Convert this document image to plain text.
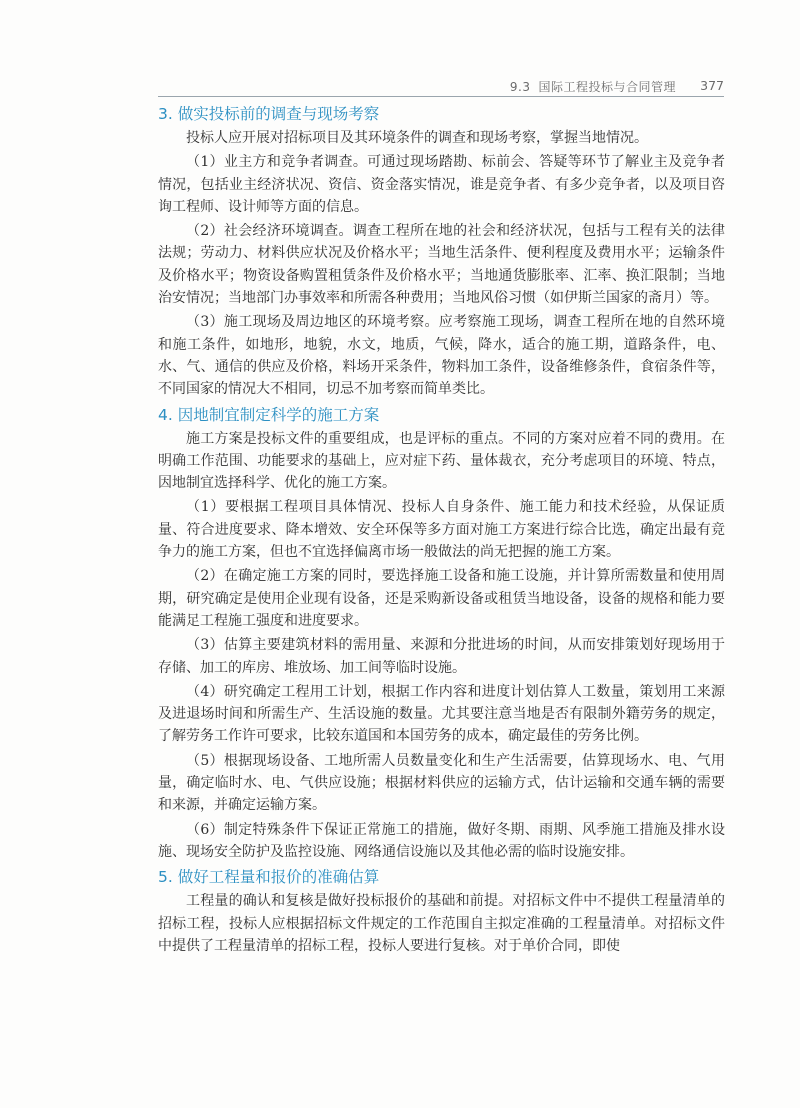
9.3 国际工程投标与合同管理 377
3. 做实投标前的调查与现场考察

投标人应开展对招标项目及其环境条件的调查和现场考察，掌握当地情况。

（1）业主方和竞争者调查。可通过现场踏勘、标前会、答疑等环节了解业主及竞争者情况，包括业主经济状况、资信、资金落实情况，谁是竞争者、有多少竞争者，以及项目咨询工程师、设计师等方面的信息。

（2）社会经济环境调查。调查工程所在地的社会和经济状况，包括与工程有关的法律法规；劳动力、材料供应状况及价格水平；当地生活条件、便利程度及费用水平；运输条件及价格水平；物资设备购置租赁条件及价格水平；当地通货膨胀率、汇率、换汇限制；当地治安情况；当地部门办事效率和所需各种费用；当地风俗习惯（如伊斯兰国家的斋月）等。

（3）施工现场及周边地区的环境考察。应考察施工现场，调查工程所在地的自然环境和施工条件，如地形，地貌，水文，地质，气候，降水，适合的施工期，道路条件，电、水、气、通信的供应及价格，料场开采条件，物料加工条件，设备维修条件，食宿条件等，不同国家的情况大不相同，切忌不加考察而简单类比。

4. 因地制宜制定科学的施工方案

施工方案是投标文件的重要组成，也是评标的重点。不同的方案对应着不同的费用。在明确工作范围、功能要求的基础上，应对症下药、量体裁衣，充分考虑项目的环境、特点，因地制宜选择科学、优化的施工方案。

（1）要根据工程项目具体情况、投标人自身条件、施工能力和技术经验，从保证质量、符合进度要求、降本增效、安全环保等多方面对施工方案进行综合比选，确定出最有竞争力的施工方案，但也不宜选择偏离市场一般做法的尚无把握的施工方案。

（2）在确定施工方案的同时，要选择施工设备和施工设施，并计算所需数量和使用周期，研究确定是使用企业现有设备，还是采购新设备或租赁当地设备，设备的规格和能力要能满足工程施工强度和进度要求。

（3）估算主要建筑材料的需用量、来源和分批进场的时间，从而安排策划好现场用于存储、加工的库房、堆放场、加工间等临时设施。

（4）研究确定工程用工计划，根据工作内容和进度计划估算人工数量，策划用工来源及进退场时间和所需生产、生活设施的数量。尤其要注意当地是否有限制外籍劳务的规定，了解劳务工作许可要求，比较东道国和本国劳务的成本，确定最佳的劳务比例。

（5）根据现场设备、工地所需人员数量变化和生产生活需要，估算现场水、电、气用量，确定临时水、电、气供应设施；根据材料供应的运输方式，估计运输和交通车辆的需要和来源，并确定运输方案。

（6）制定特殊条件下保证正常施工的措施，做好冬期、雨期、风季施工措施及排水设施、现场安全防护及监控设施、网络通信设施以及其他必需的临时设施安排。

5. 做好工程量和报价的准确估算

工程量的确认和复核是做好投标报价的基础和前提。对招标文件中不提供工程量清单的招标工程，投标人应根据招标文件规定的工作范围自主拟定准确的工程量清单。对招标文件中提供了工程量清单的招标工程，投标人要进行复核。对于单价合同，即使
